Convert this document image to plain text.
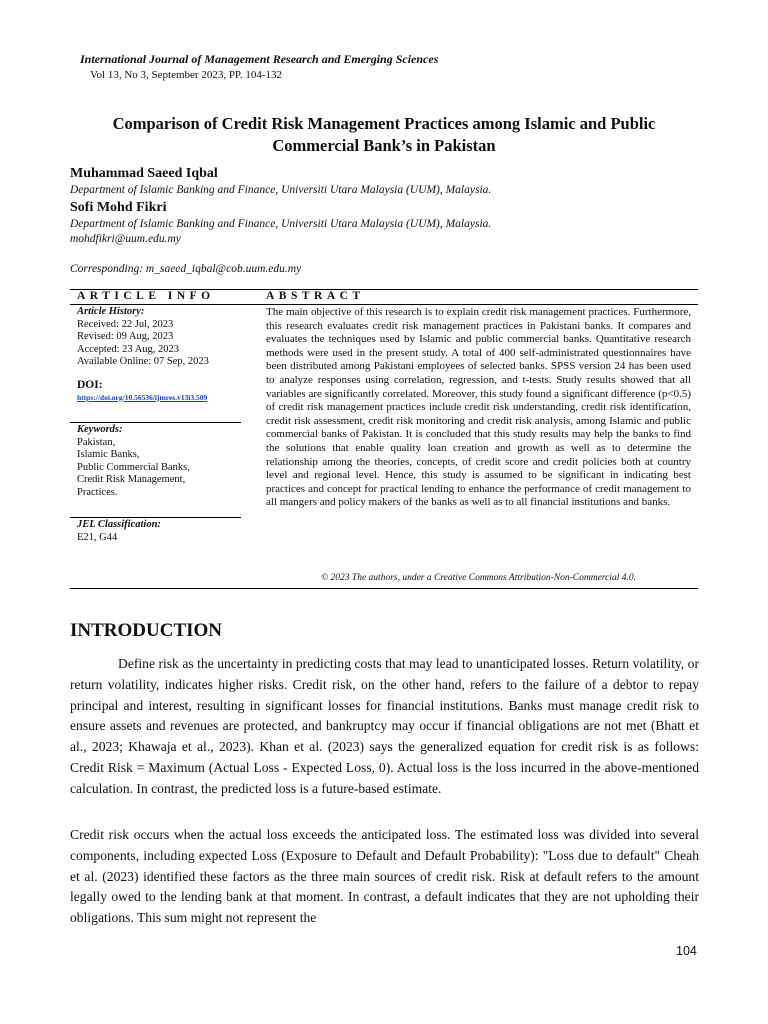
International Journal of Management Research and Emerging Sciences
Vol 13, No 3, September 2023, PP. 104-132
Comparison of Credit Risk Management Practices among Islamic and Public Commercial Bank’s in Pakistan
Muhammad Saeed Iqbal
Department of Islamic Banking and Finance, Universiti Utara Malaysia (UUM), Malaysia.
Sofi Mohd Fikri
Department of Islamic Banking and Finance, Universiti Utara Malaysia (UUM), Malaysia.
mohdfikri@uum.edu.my
Corresponding: m_saeed_iqbal@cob.uum.edu.my
ARTICLE INFO	ABSTRACT
Article History:
Received: 22 Jul, 2023
Revised: 09 Aug, 2023
Accepted: 23 Aug, 2023
Available Online: 07 Sep, 2023
DOI:
https://doi.org/10.56536/ijmres.v13i3.509
Keywords:
Pakistan,
Islamic Banks,
Public Commercial Banks,
Credit Risk Management,
Practices.
JEL Classification:
E21, G44
The main objective of this research is to explain credit risk management practices. Furthermore, this research evaluates credit risk management practices in Pakistani banks. It compares and evaluates the techniques used by Islamic and public commercial banks. Quantitative research methods were used in the present study. A total of 400 self-administrated questionnaires have been distributed among Pakistani employees of selected banks. SPSS version 24 has been used to analyze responses using correlation, regression, and t-tests. Study results showed that all variables are significantly correlated. Moreover, this study found a significant difference (p<0.5) of credit risk management practices include credit risk understanding, credit risk identification, credit risk assessment, credit risk monitoring and credit risk analysis, among Islamic and public commercial banks of Pakistan. It is concluded that this study results may help the banks to find the solutions that enable quality loan creation and growth as well as to determine the relationship among the theories, concepts, of credit score and credit policies both at country level and regional level. Hence, this study is assumed to be significant in indicating best practices and concept for practical lending to enhance the performance of credit management to all mangers and policy makers of the banks as well as to all financial institutions and banks.
© 2023 The authors, under a Creative Commons Attribution-Non-Commercial 4.0.
INTRODUCTION
Define risk as the uncertainty in predicting costs that may lead to unanticipated losses. Return volatility, or return volatility, indicates higher risks. Credit risk, on the other hand, refers to the failure of a debtor to repay principal and interest, resulting in significant losses for financial institutions. Banks must manage credit risk to ensure assets and revenues are protected, and bankruptcy may occur if financial obligations are not met (Bhatt et al., 2023; Khawaja et al., 2023). Khan et al. (2023) says the generalized equation for credit risk is as follows: Credit Risk = Maximum (Actual Loss - Expected Loss, 0). Actual loss is the loss incurred in the above-mentioned calculation. In contrast, the predicted loss is a future-based estimate.
Credit risk occurs when the actual loss exceeds the anticipated loss. The estimated loss was divided into several components, including expected Loss (Exposure to Default and Default Probability): "Loss due to default" Cheah et al. (2023) identified these factors as the three main sources of credit risk. Risk at default refers to the amount legally owed to the lending bank at that moment. In contrast, a default indicates that they are not upholding their obligations. This sum might not represent the
104
